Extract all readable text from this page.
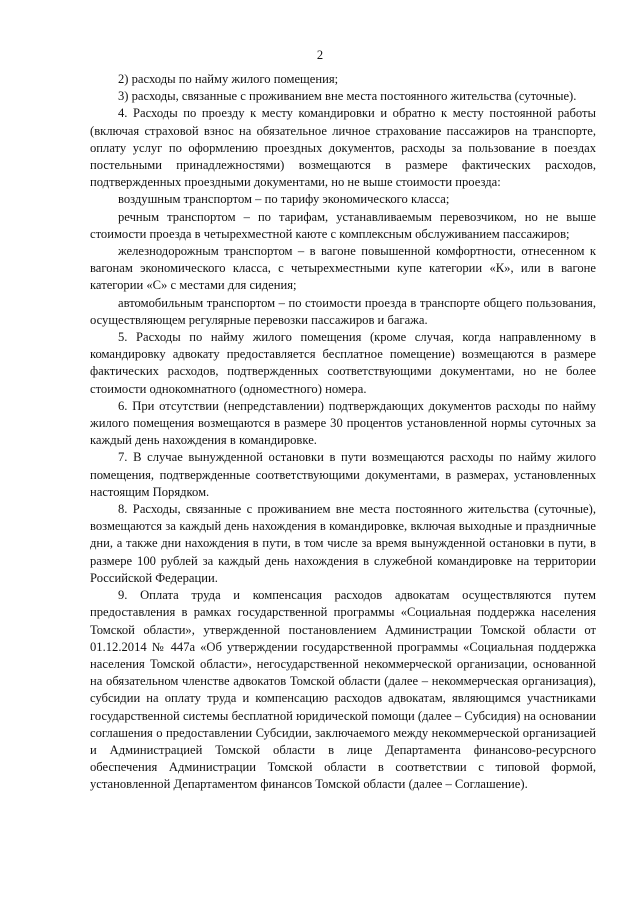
2

2) расходы по найму жилого помещения;

3) расходы, связанные с проживанием вне места постоянного жительства (суточные).

4. Расходы по проезду к месту командировки и обратно к месту постоянной работы (включая страховой взнос на обязательное личное страхование пассажиров на транспорте, оплату услуг по оформлению проездных документов, расходы за пользование в поездах постельными принадлежностями) возмещаются в размере фактических расходов, подтвержденных проездными документами, но не выше стоимости проезда:

воздушным транспортом – по тарифу экономического класса;

речным транспортом – по тарифам, устанавливаемым перевозчиком, но не выше стоимости проезда в четырехместной каюте с комплексным обслуживанием пассажиров;

железнодорожным транспортом – в вагоне повышенной комфортности, отнесенном к вагонам экономического класса, с четырехместными купе категории «К», или в вагоне категории «С» с местами для сидения;

автомобильным транспортом – по стоимости проезда в транспорте общего пользования, осуществляющем регулярные перевозки пассажиров и багажа.

5. Расходы по найму жилого помещения (кроме случая, когда направленному в командировку адвокату предоставляется бесплатное помещение) возмещаются в размере фактических расходов, подтвержденных соответствующими документами, но не более стоимости однокомнатного (одноместного) номера.

6. При отсутствии (непредставлении) подтверждающих документов расходы по найму жилого помещения возмещаются в размере 30 процентов установленной нормы суточных за каждый день нахождения в командировке.

7. В случае вынужденной остановки в пути возмещаются расходы по найму жилого помещения, подтвержденные соответствующими документами, в размерах, установленных настоящим Порядком.

8. Расходы, связанные с проживанием вне места постоянного жительства (суточные), возмещаются за каждый день нахождения в командировке, включая выходные и праздничные дни, а также дни нахождения в пути, в том числе за время вынужденной остановки в пути, в размере 100 рублей за каждый день нахождения в служебной командировке на территории Российской Федерации.

9. Оплата труда и компенсация расходов адвокатам осуществляются путем предоставления в рамках государственной программы «Социальная поддержка населения Томской области», утвержденной постановлением Администрации Томской области от 01.12.2014 № 447а «Об утверждении государственной программы «Социальная поддержка населения Томской области», негосударственной некоммерческой организации, основанной на обязательном членстве адвокатов Томской области (далее – некоммерческая организация), субсидии на оплату труда и компенсацию расходов адвокатам, являющимся участниками государственной системы бесплатной юридической помощи (далее – Субсидия) на основании соглашения о предоставлении Субсидии, заключаемого между некоммерческой организацией и Администрацией Томской области в лице Департамента финансово-ресурсного обеспечения Администрации Томской области в соответствии с типовой формой, установленной Департаментом финансов Томской области (далее – Соглашение).
